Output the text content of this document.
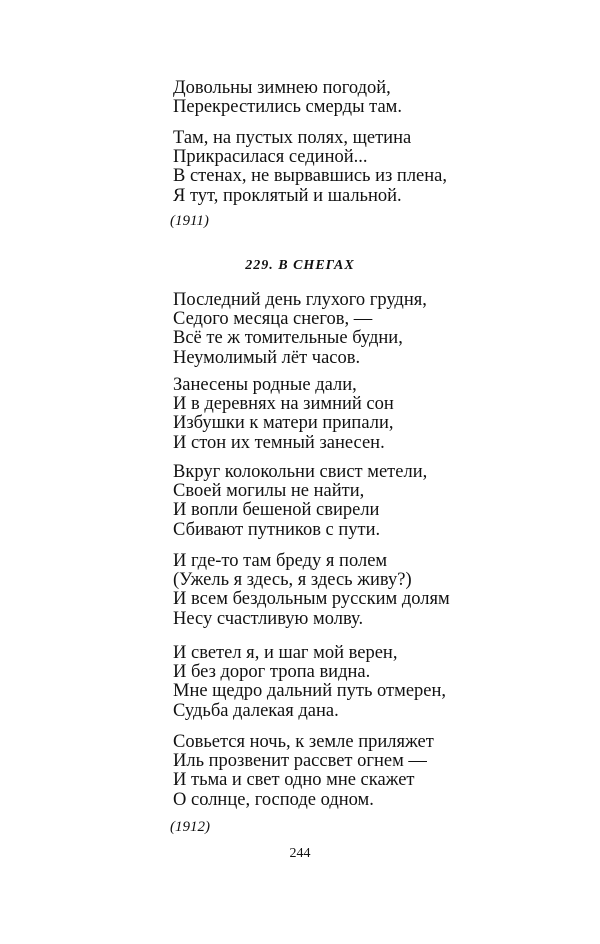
Довольны зимнею погодой,
Перекрестились смерды там.
Там, на пустых полях, щетина
Прикрасилася сединой...
В стенах, не вырвавшись из плена,
Я тут, проклятый и шальной.
(1911)
229. В СНЕГАХ
Последний день глухого грудня,
Седого месяца снегов, —
Всё те ж томительные будни,
Неумолимый лёт часов.
Занесены родные дали,
И в деревнях на зимний сон
Избушки к матери припали,
И стон их темный занесен.
Вкруг колокольни свист метели,
Своей могилы не найти,
И вопли бешеной свирели
Сбивают путников с пути.
И где-то там бреду я полем
(Ужель я здесь, я здесь живу?)
И всем бездольным русским долям
Несу счастливую молву.
И светел я, и шаг мой верен,
И без дорог тропа видна.
Мне щедро дальний путь отмерен,
Судьба далекая дана.
Совьется ночь, к земле приляжет
Иль прозвенит рассвет огнем —
И тьма и свет одно мне скажет
О солнце, господе одном.
(1912)
244
